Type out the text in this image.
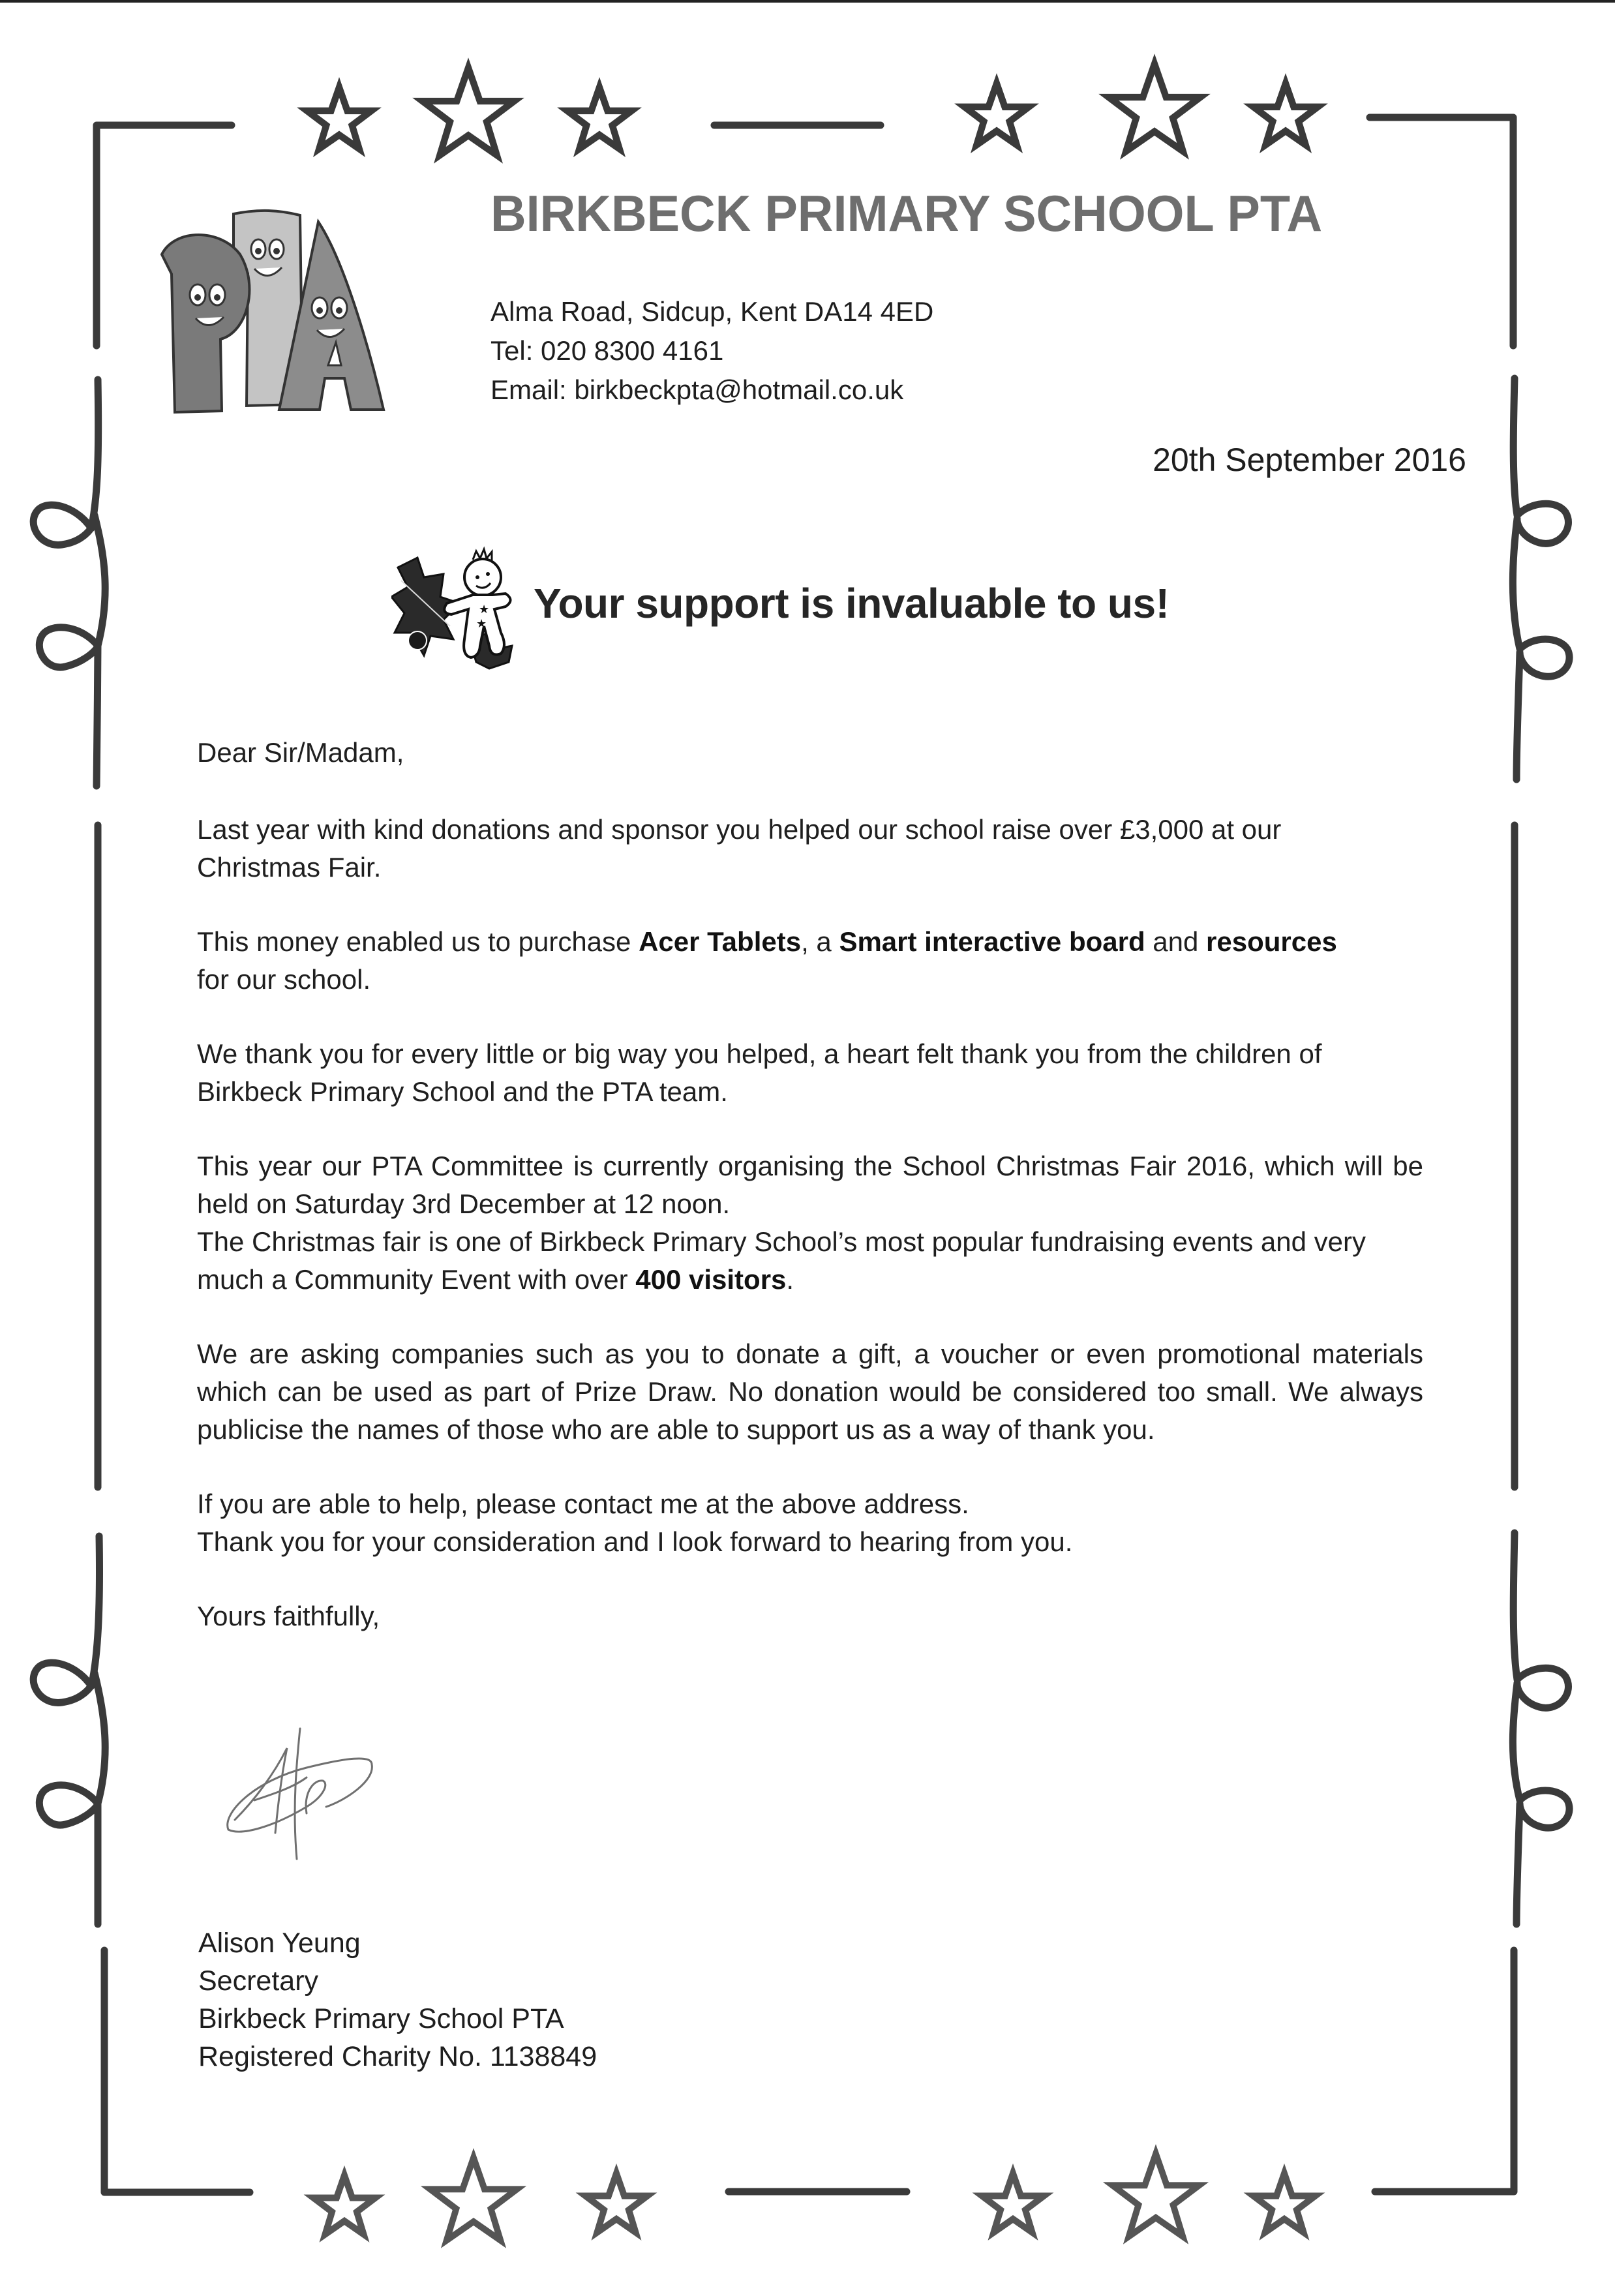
PTA	BIRKBECK PRIMARY SCHOOL PTA
Alma Road, Sidcup, Kent DA14 4ED
Tel: 020 8300 4161
Email: birkbeckpta@hotmail.co.uk
20th September 2016
★
★ Your support is invaluable to us!

Dear Sir/Madam,

Last year with kind donations and sponsor you helped our school raise over £3,000 at our Christmas Fair.

This money enabled us to purchase Acer Tablets, a Smart interactive board and resources for our school.

We thank you for every little or big way you helped, a heart felt thank you from the children of Birkbeck Primary School and the PTA team.

This year our PTA Committee is currently organising the School Christmas Fair 2016, which will be held on Saturday 3rd December at 12 noon.

The Christmas fair is one of Birkbeck Primary School’s most popular fundraising events and very much a Community Event with over 400 visitors.

We are asking companies such as you to donate a gift, a voucher or even promotional materials which can be used as part of Prize Draw. No donation would be considered too small. We always publicise the names of those who are able to support us as a way of thank you.

If you are able to help, please contact me at the above address.

Thank you for your consideration and I look forward to hearing from you.

Yours faithfully,

handwritten-signature
Alison Yeung
Secretary
Birkbeck Primary School PTA
Registered Charity No. 1138849
